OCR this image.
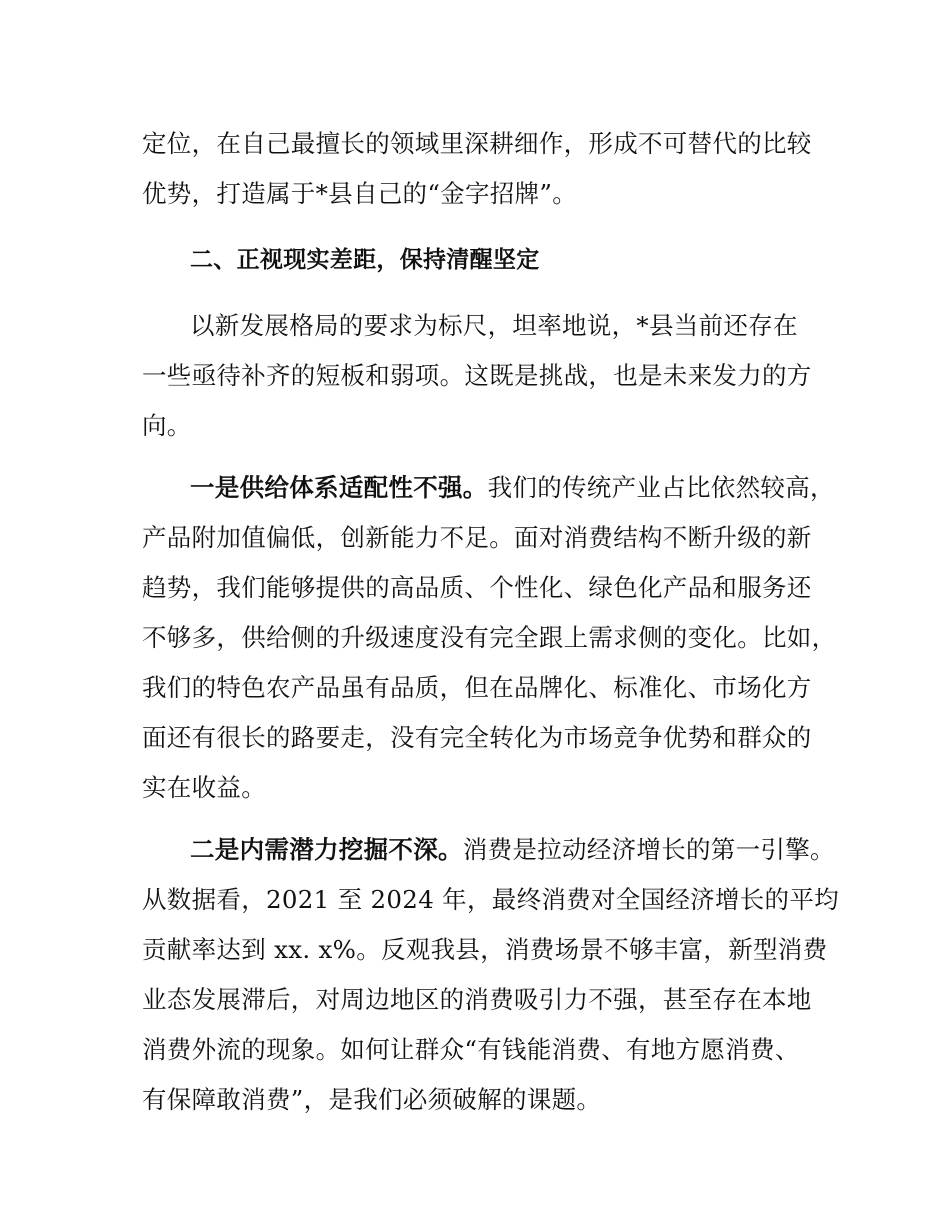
定位，在自己最擅长的领域里深耕细作，形成不可替代的比较
优势，打造属于*县自己的“金字招牌”。
二、正视现实差距，保持清醒坚定
以新发展格局的要求为标尺，坦率地说，*县当前还存在
一些亟待补齐的短板和弱项。这既是挑战，也是未来发力的方
向。
一是供给体系适配性不强。我们的传统产业占比依然较高，
产品附加值偏低，创新能力不足。面对消费结构不断升级的新
趋势，我们能够提供的高品质、个性化、绿色化产品和服务还
不够多，供给侧的升级速度没有完全跟上需求侧的变化。比如，
我们的特色农产品虽有品质，但在品牌化、标准化、市场化方
面还有很长的路要走，没有完全转化为市场竞争优势和群众的
实在收益。
二是内需潜力挖掘不深。消费是拉动经济增长的第一引擎。
从数据看，2021 至 2024 年，最终消费对全国经济增长的平均
贡献率达到 xx. x%。反观我县，消费场景不够丰富，新型消费
业态发展滞后，对周边地区的消费吸引力不强，甚至存在本地
消费外流的现象。如何让群众“有钱能消费、有地方愿消费、
有保障敢消费”，是我们必须破解的课题。
